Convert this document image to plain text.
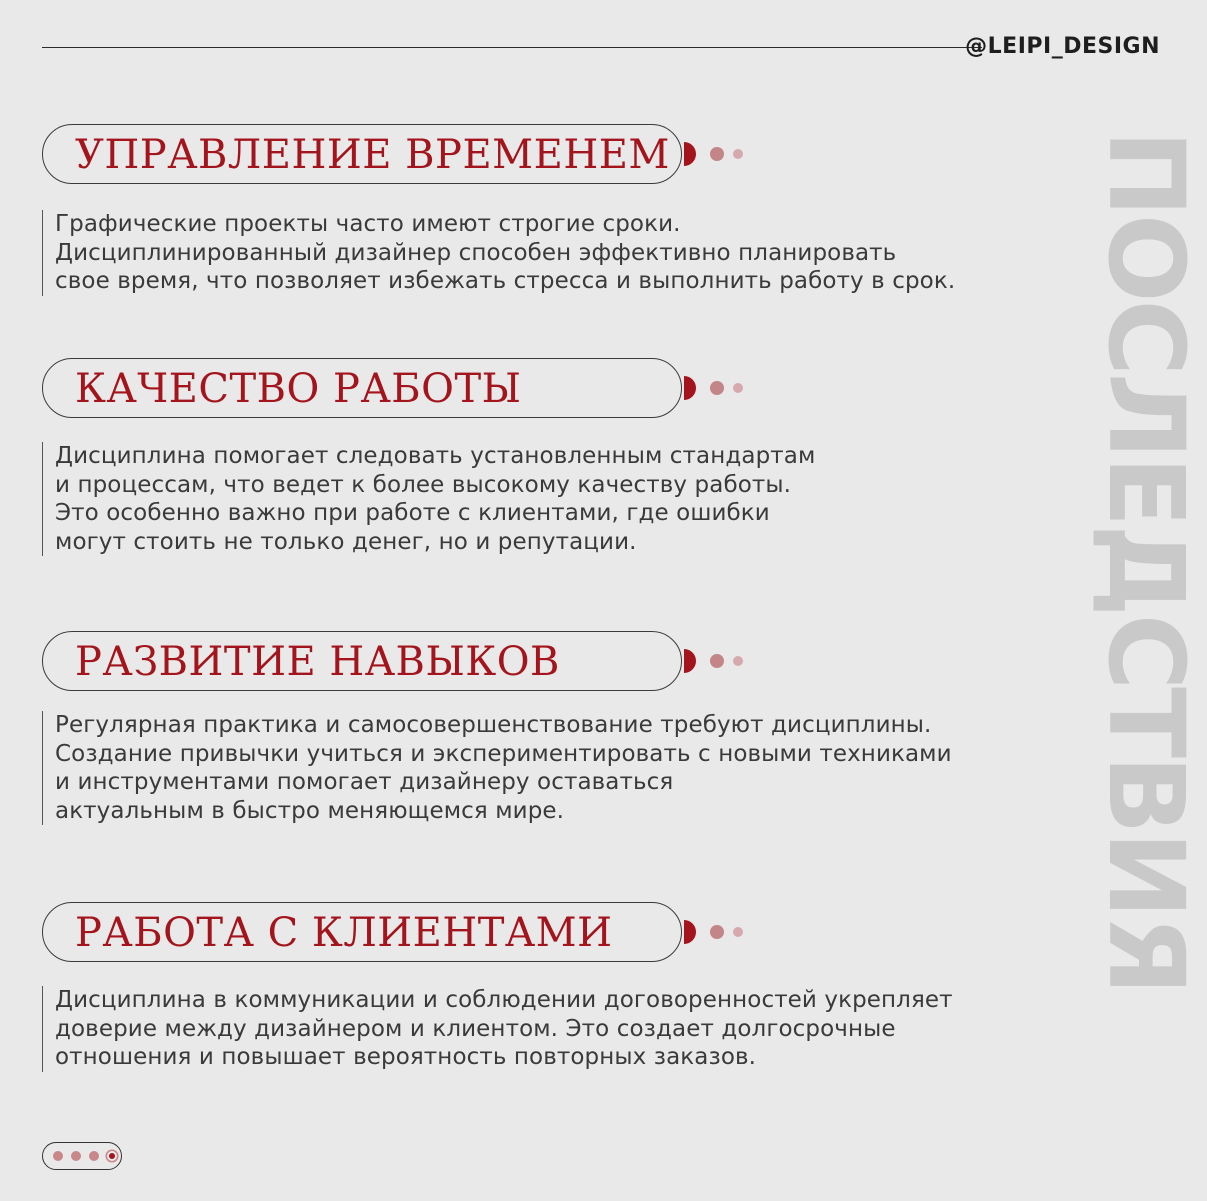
@LEIPI_DESIGN
ПОСЛЕДСТВИЯ
УПРАВЛЕНИЕ ВРЕМЕНЕМ
Графические проекты часто имеют строгие сроки.
Дисциплинированный дизайнер способен эффективно планировать
свое время, что позволяет избежать стресса и выполнить работу в срок.
КАЧЕСТВО РАБОТЫ
Дисциплина помогает следовать установленным стандартам
и процессам, что ведет к более высокому качеству работы.
Это особенно важно при работе с клиентами, где ошибки
могут стоить не только денег, но и репутации.
РАЗВИТИЕ НАВЫКОВ
Регулярная практика и самосовершенствование требуют дисциплины.
Создание привычки учиться и экспериментировать с новыми техниками
и инструментами помогает дизайнеру оставаться
актуальным в быстро меняющемся мире.
РАБОТА С КЛИЕНТАМИ
Дисциплина в коммуникации и соблюдении договоренностей укрепляет
доверие между дизайнером и клиентом. Это создает долгосрочные
отношения и повышает вероятность повторных заказов.
